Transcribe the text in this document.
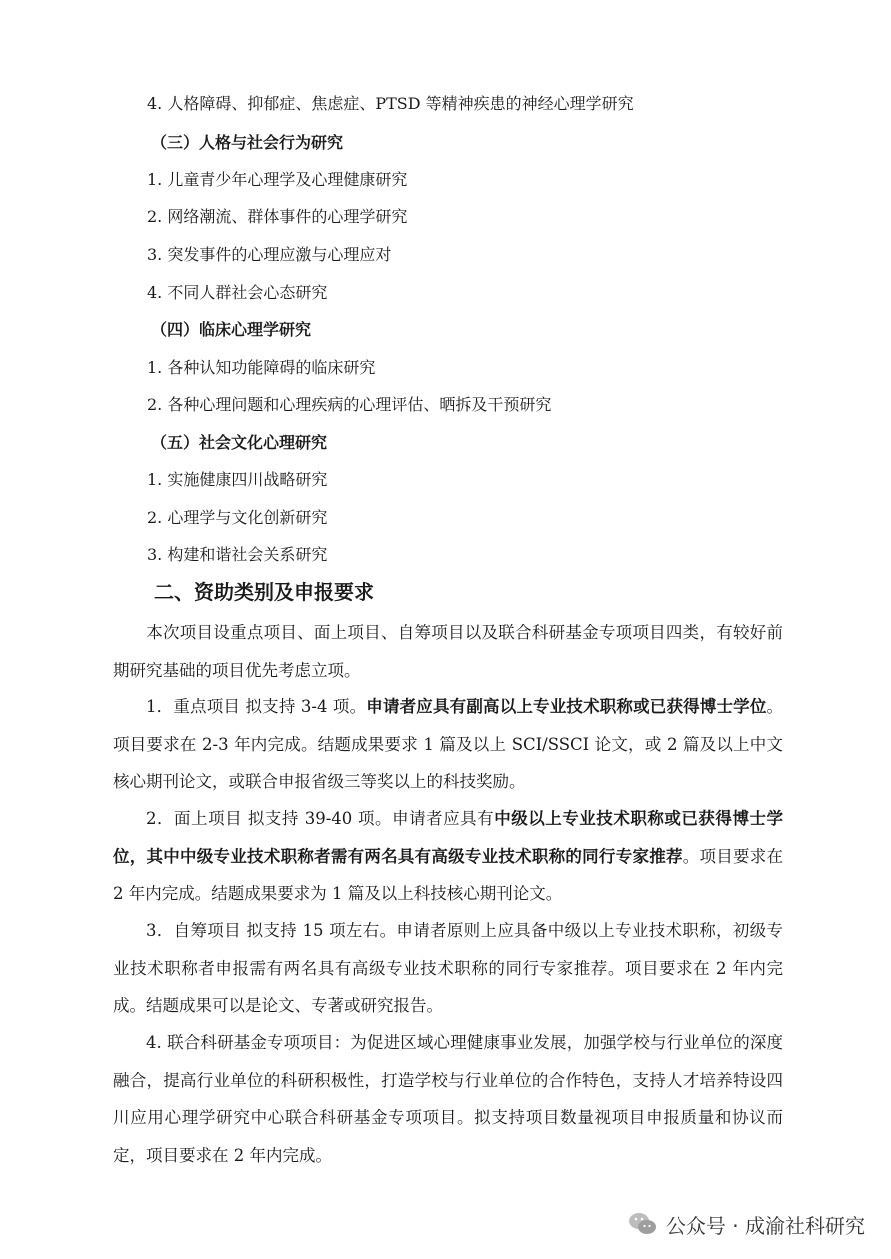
4. 人格障碍、抑郁症、焦虑症、PTSD 等精神疾患的神经心理学研究
（三）人格与社会行为研究
1. 儿童青少年心理学及心理健康研究
2. 网络潮流、群体事件的心理学研究
3. 突发事件的心理应激与心理应对
4. 不同人群社会心态研究
（四）临床心理学研究
1. 各种认知功能障碍的临床研究
2. 各种心理问题和心理疾病的心理评估、晒拆及干预研究
（五）社会文化心理研究
1. 实施健康四川战略研究
2. 心理学与文化创新研究
3. 构建和谐社会关系研究
二、资助类别及申报要求
本次项目设重点项目、面上项目、自筹项目以及联合科研基金专项项目四类，有较好前期研究基础的项目优先考虑立项。
1．重点项目 拟支持 3-4 项。申请者应具有副高以上专业技术职称或已获得博士学位。项目要求在 2-3 年内完成。结题成果要求 1 篇及以上 SCI/SSCI 论文，或 2 篇及以上中文核心期刊论文，或联合申报省级三等奖以上的科技奖励。
2．面上项目 拟支持 39-40 项。申请者应具有中级以上专业技术职称或已获得博士学位，其中中级专业技术职称者需有两名具有高级专业技术职称的同行专家推荐。项目要求在 2 年内完成。结题成果要求为 1 篇及以上科技核心期刊论文。
3．自筹项目 拟支持 15 项左右。申请者原则上应具备中级以上专业技术职称，初级专业技术职称者申报需有两名具有高级专业技术职称的同行专家推荐。项目要求在 2 年内完成。结题成果可以是论文、专著或研究报告。
4. 联合科研基金专项项目：为促进区域心理健康事业发展，加强学校与行业单位的深度融合，提高行业单位的科研积极性，打造学校与行业单位的合作特色，支持人才培养特设四川应用心理学研究中心联合科研基金专项项目。拟支持项目数量视项目申报质量和协议而定，项目要求在 2 年内完成。
公众号 · 成渝社科研究
